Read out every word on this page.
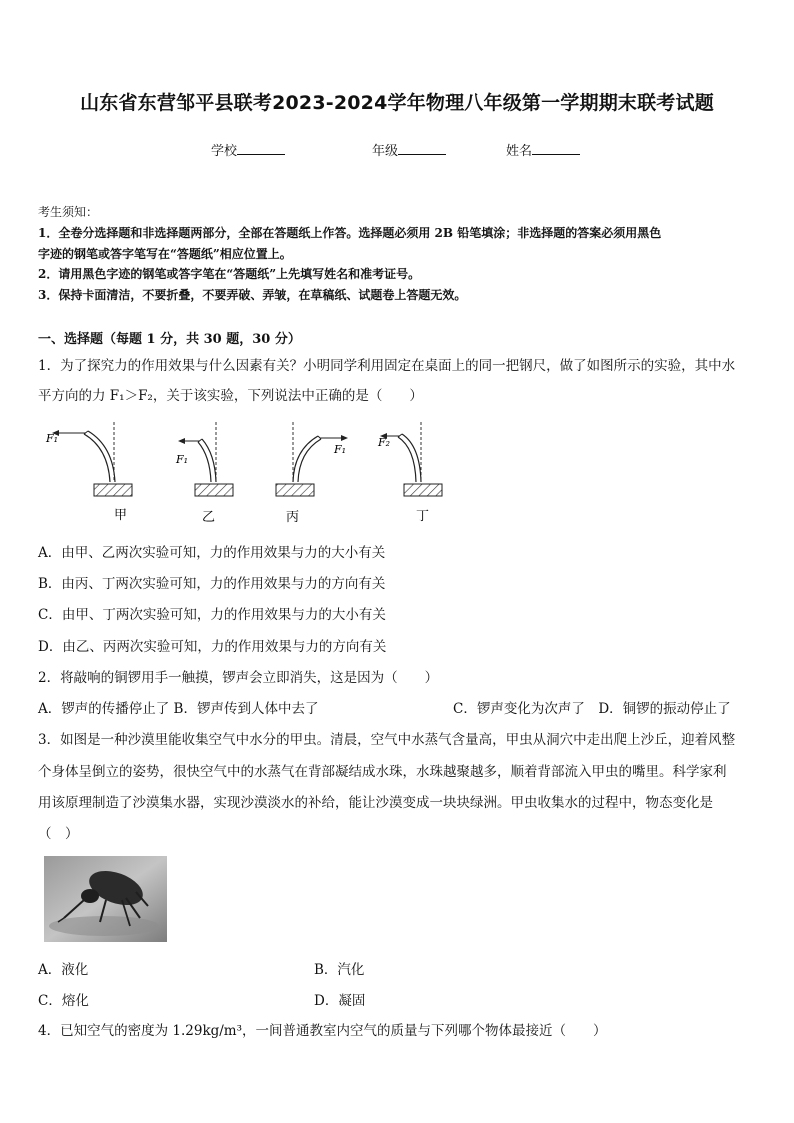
山东省东营邹平县联考2023-2024学年物理八年级第一学期期末联考试题
学校	年级	姓名
考生须知：
1．全卷分选择题和非选择题两部分，全部在答题纸上作答。选择题必须用 2B 铅笔填涂；非选择题的答案必须用黑色
字迹的钢笔或答字笔写在“答题纸”相应位置上。
2．请用黑色字迹的钢笔或答字笔在“答题纸”上先填写姓名和准考证号。
3．保持卡面清洁，不要折叠，不要弄破、弄皱，在草稿纸、试题卷上答题无效。
一、选择题（每题 1 分，共 30 题，30 分）
1．为了探究力的作用效果与什么因素有关？小明同学利用固定在桌面上的同一把钢尺，做了如图所示的实验，其中水
平方向的力 F₁＞F₂，关于该实验，下列说法中正确的是（　　）
F₁
F₁
F₁
F₂
甲	乙	丙	丁
A．由甲、乙两次实验可知，力的作用效果与力的大小有关
B．由丙、丁两次实验可知，力的作用效果与力的方向有关
C．由甲、丁两次实验可知，力的作用效果与力的大小有关
D．由乙、丙两次实验可知，力的作用效果与力的方向有关
2．将敲响的铜锣用手一触摸，锣声会立即消失，这是因为（　　）
A．锣声的传播停止了 B．锣声传到人体中去了	C．锣声变化为次声了　D．铜锣的振动停止了
3．如图是一种沙漠里能收集空气中水分的甲虫。清晨，空气中水蒸气含量高，甲虫从洞穴中走出爬上沙丘，迎着风整
个身体呈倒立的姿势，很快空气中的水蒸气在背部凝结成水珠，水珠越聚越多，顺着背部流入甲虫的嘴里。科学家利
用该原理制造了沙漠集水器，实现沙漠淡水的补给，能让沙漠变成一块块绿洲。甲虫收集水的过程中，物态变化是
（　）
A．液化	B．汽化
C．熔化	D．凝固
4．已知空气的密度为 1.29kg/m³，一间普通教室内空气的质量与下列哪个物体最接近（　　）
